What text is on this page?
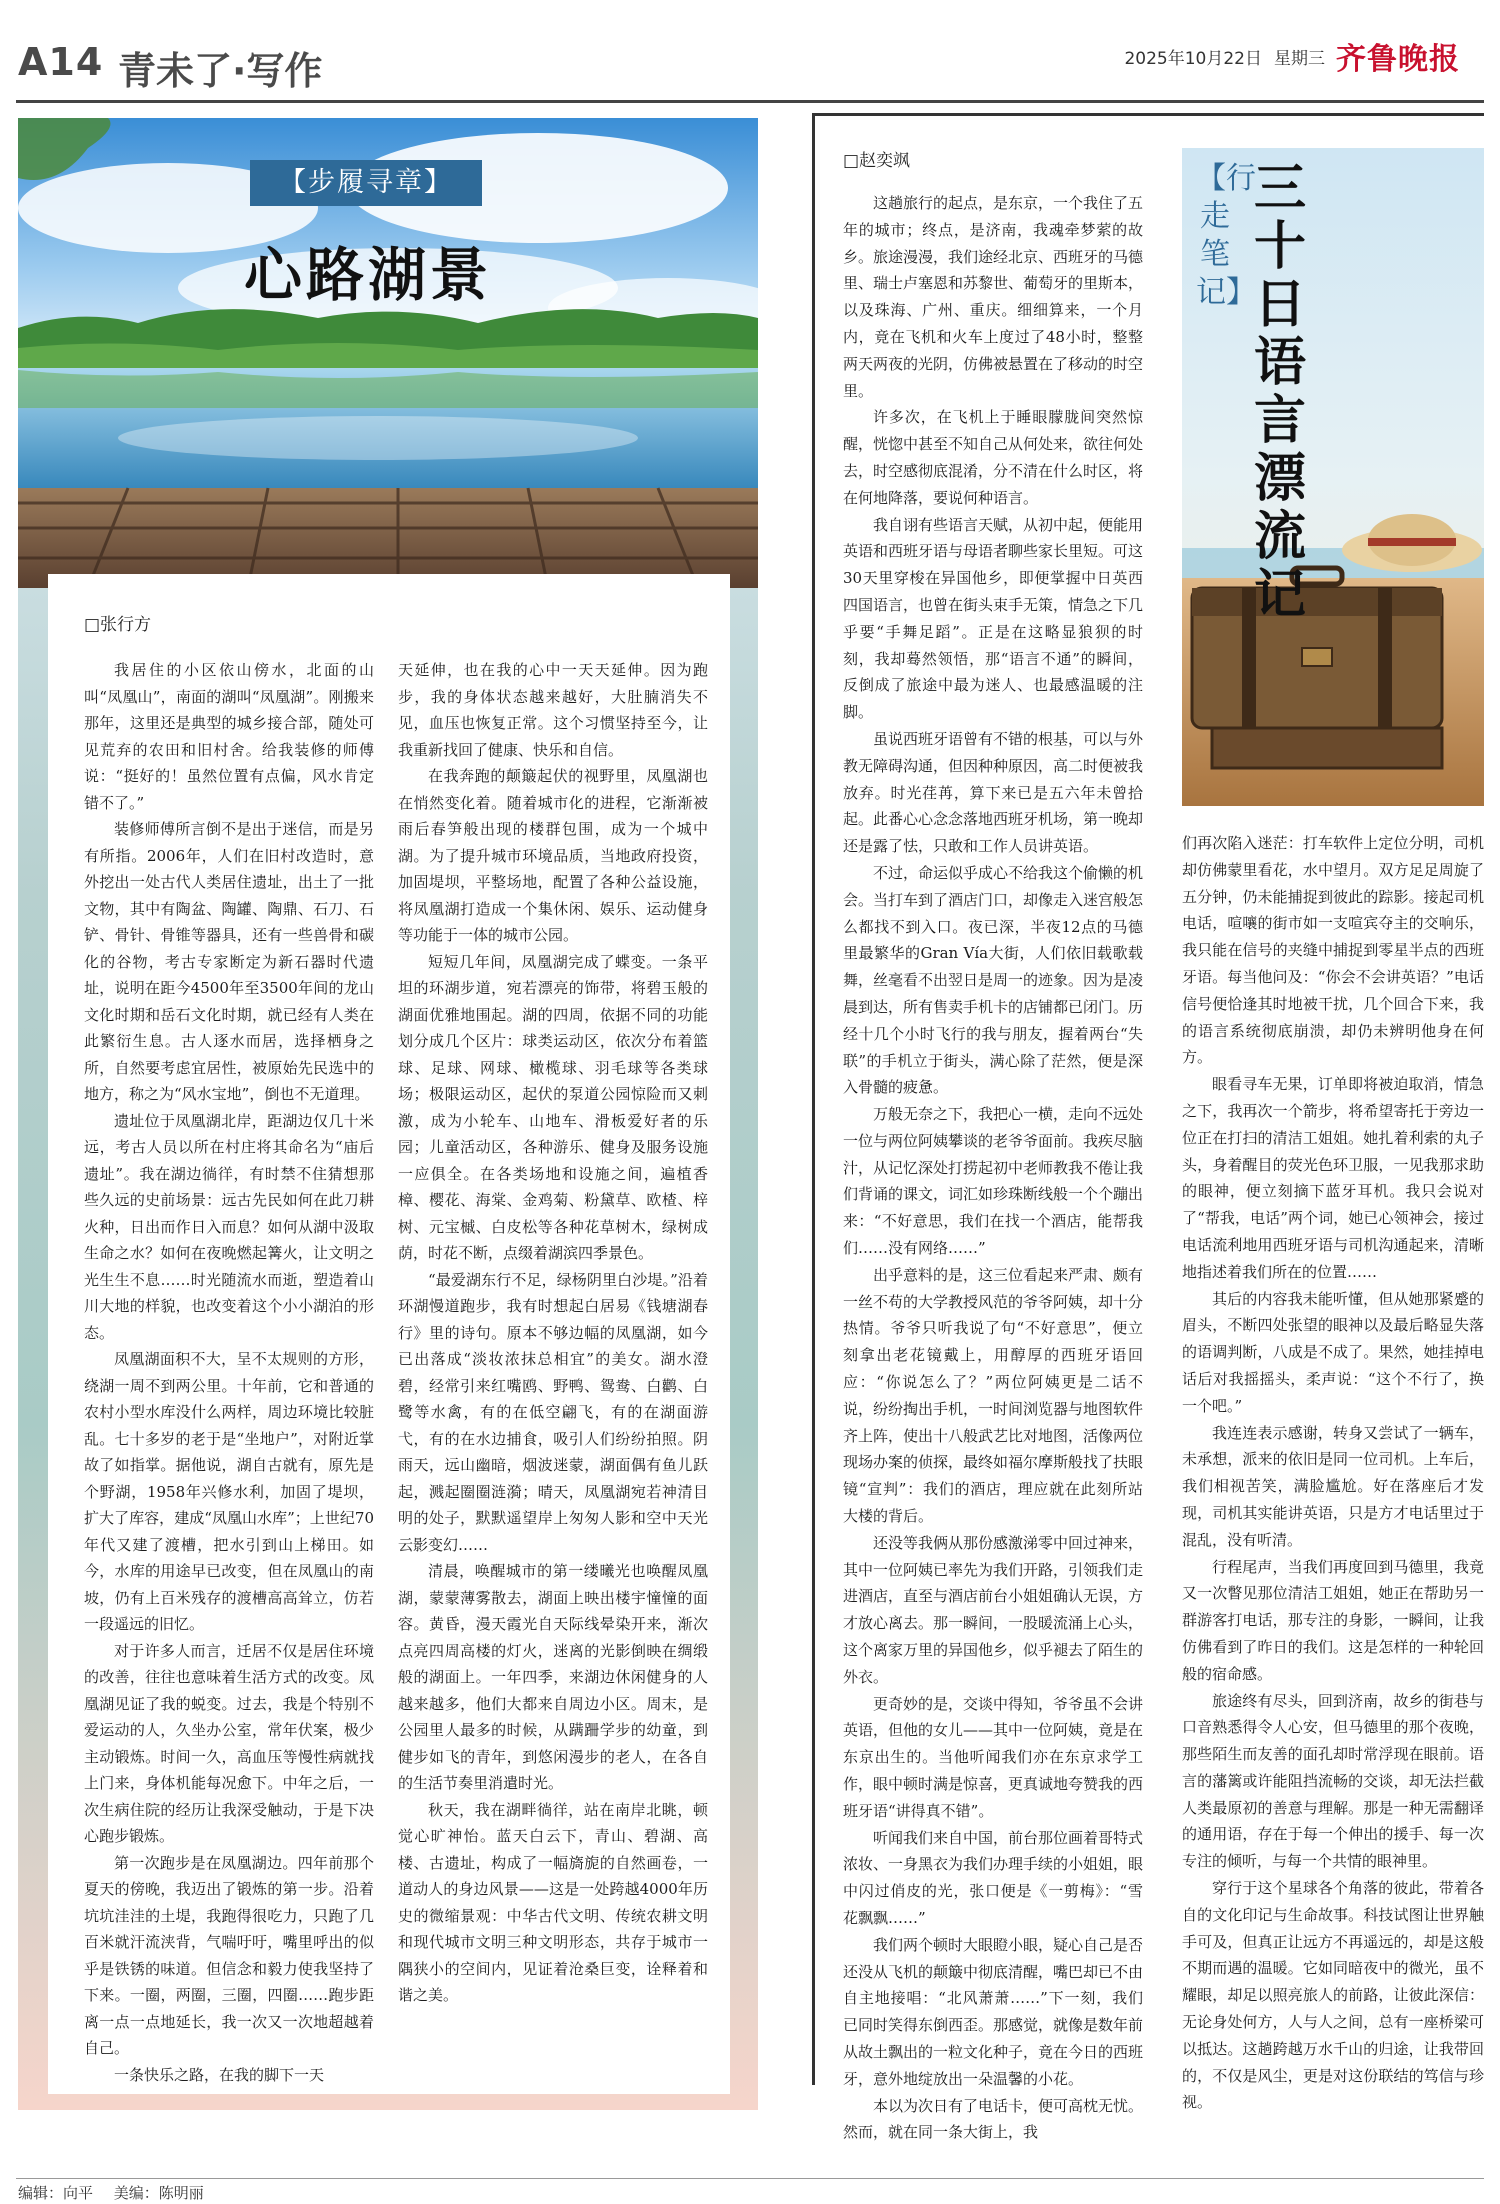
A14 青未了·写作	2025年10月22日 星期三 齐鲁晚报
【步履寻章】
心路湖景
□张行方

我居住的小区依山傍水，北面的山叫“凤凰山”，南面的湖叫“凤凰湖”。刚搬来那年，这里还是典型的城乡接合部，随处可见荒弃的农田和旧村舍。给我装修的师傅说：“挺好的！虽然位置有点偏，风水肯定错不了。”

装修师傅所言倒不是出于迷信，而是另有所指。2006年，人们在旧村改造时，意外挖出一处古代人类居住遗址，出土了一批文物，其中有陶盆、陶罐、陶鼎、石刀、石铲、骨针、骨锥等器具，还有一些兽骨和碳化的谷物，考古专家断定为新石器时代遗址，说明在距今4500年至3500年间的龙山文化时期和岳石文化时期，就已经有人类在此繁衍生息。古人逐水而居，选择栖身之所，自然要考虑宜居性，被原始先民选中的地方，称之为“风水宝地”，倒也不无道理。

遗址位于凤凰湖北岸，距湖边仅几十米远，考古人员以所在村庄将其命名为“庙后遗址”。我在湖边徜徉，有时禁不住猜想那些久远的史前场景：远古先民如何在此刀耕火种，日出而作日入而息？如何从湖中汲取生命之水？如何在夜晚燃起篝火，让文明之光生生不息……时光随流水而逝，塑造着山川大地的样貌，也改变着这个小小湖泊的形态。

凤凰湖面积不大，呈不太规则的方形，绕湖一周不到两公里。十年前，它和普通的农村小型水库没什么两样，周边环境比较脏乱。七十多岁的老于是“坐地户”，对附近掌故了如指掌。据他说，湖自古就有，原先是个野湖，1958年兴修水利，加固了堤坝，扩大了库容，建成“凤凰山水库”；上世纪70年代又建了渡槽，把水引到山上梯田。如今，水库的用途早已改变，但在凤凰山的南坡，仍有上百米残存的渡槽高高耸立，仿若一段遥远的旧忆。

对于许多人而言，迁居不仅是居住环境的改善，往往也意味着生活方式的改变。凤凰湖见证了我的蜕变。过去，我是个特别不爱运动的人，久坐办公室，常年伏案，极少主动锻炼。时间一久，高血压等慢性病就找上门来，身体机能每况愈下。中年之后，一次生病住院的经历让我深受触动，于是下决心跑步锻炼。

第一次跑步是在凤凰湖边。四年前那个夏天的傍晚，我迈出了锻炼的第一步。沿着坑坑洼洼的土堤，我跑得很吃力，只跑了几百米就汗流浃背，气喘吁吁，嘴里呼出的似乎是铁锈的味道。但信念和毅力使我坚持了下来。一圈，两圈，三圈，四圈……跑步距离一点一点地延长，我一次又一次地超越着自己。

一条快乐之路，在我的脚下一天

天延伸，也在我的心中一天天延伸。因为跑步，我的身体状态越来越好，大肚腩消失不见，血压也恢复正常。这个习惯坚持至今，让我重新找回了健康、快乐和自信。

在我奔跑的颠簸起伏的视野里，凤凰湖也在悄然变化着。随着城市化的进程，它渐渐被雨后春笋般出现的楼群包围，成为一个城中湖。为了提升城市环境品质，当地政府投资，加固堤坝，平整场地，配置了各种公益设施，将凤凰湖打造成一个集休闲、娱乐、运动健身等功能于一体的城市公园。

短短几年间，凤凰湖完成了蝶变。一条平坦的环湖步道，宛若漂亮的饰带，将碧玉般的湖面优雅地围起。湖的四周，依据不同的功能划分成几个区片：球类运动区，依次分布着篮球、足球、网球、橄榄球、羽毛球等各类球场；极限运动区，起伏的泵道公园惊险而又刺激，成为小轮车、山地车、滑板爱好者的乐园；儿童活动区，各种游乐、健身及服务设施一应俱全。在各类场地和设施之间，遍植香樟、樱花、海棠、金鸡菊、粉黛草、欧楂、梓树、元宝槭、白皮松等各种花草树木，绿树成荫，时花不断，点缀着湖滨四季景色。

“最爱湖东行不足，绿杨阴里白沙堤。”沿着环湖慢道跑步，我有时想起白居易《钱塘湖春行》里的诗句。原本不够边幅的凤凰湖，如今已出落成“淡妆浓抹总相宜”的美女。湖水澄碧，经常引来红嘴鸥、野鸭、鸳鸯、白鹳、白鹭等水禽，有的在低空翩飞，有的在湖面游弋，有的在水边捕食，吸引人们纷纷拍照。阴雨天，远山幽暗，烟波迷蒙，湖面偶有鱼儿跃起，溅起圈圈涟漪；晴天，凤凰湖宛若神清目明的处子，默默遥望岸上匆匆人影和空中天光云影变幻……

清晨，唤醒城市的第一缕曦光也唤醒凤凰湖，蒙蒙薄雾散去，湖面上映出楼宇憧憧的面容。黄昏，漫天霞光自天际线晕染开来，渐次点亮四周高楼的灯火，迷离的光影倒映在绸缎般的湖面上。一年四季，来湖边休闲健身的人越来越多，他们大都来自周边小区。周末，是公园里人最多的时候，从蹒跚学步的幼童，到健步如飞的青年，到悠闲漫步的老人，在各自的生活节奏里消遣时光。

秋天，我在湖畔徜徉，站在南岸北眺，顿觉心旷神怡。蓝天白云下，青山、碧湖、高楼、古遗址，构成了一幅旖旎的自然画卷，一道动人的身边风景——这是一处跨越4000年历史的微缩景观：中华古代文明、传统农耕文明和现代城市文明三种文明形态，共存于城市一隅狭小的空间内，见证着沧桑巨变，诠释着和谐之美。

□赵奕飒

这趟旅行的起点，是东京，一个我住了五年的城市；终点，是济南，我魂牵梦萦的故乡。旅途漫漫，我们途经北京、西班牙的马德里、瑞士卢塞恩和苏黎世、葡萄牙的里斯本，以及珠海、广州、重庆。细细算来，一个月内，竟在飞机和火车上度过了48小时，整整两天两夜的光阴，仿佛被悬置在了移动的时空里。

许多次，在飞机上于睡眼朦胧间突然惊醒，恍惚中甚至不知自己从何处来，欲往何处去，时空感彻底混淆，分不清在什么时区，将在何地降落，要说何种语言。

我自诩有些语言天赋，从初中起，便能用英语和西班牙语与母语者聊些家长里短。可这30天里穿梭在异国他乡，即便掌握中日英西四国语言，也曾在街头束手无策，情急之下几乎要“手舞足蹈”。正是在这略显狼狈的时刻，我却蓦然领悟，那“语言不通”的瞬间，反倒成了旅途中最为迷人、也最感温暖的注脚。

虽说西班牙语曾有不错的根基，可以与外教无障碍沟通，但因种种原因，高二时便被我放弃。时光荏苒，算下来已是五六年未曾拾起。此番心心念念落地西班牙机场，第一晚却还是露了怯，只敢和工作人员讲英语。

不过，命运似乎成心不给我这个偷懒的机会。当打车到了酒店门口，却像走入迷宫般怎么都找不到入口。夜已深，半夜12点的马德里最繁华的Gran Vía大街，人们依旧载歌载舞，丝毫看不出翌日是周一的迹象。因为是凌晨到达，所有售卖手机卡的店铺都已闭门。历经十几个小时飞行的我与朋友，握着两台“失联”的手机立于街头，满心除了茫然，便是深入骨髓的疲惫。

万般无奈之下，我把心一横，走向不远处一位与两位阿姨攀谈的老爷爷面前。我疾尽脑汁，从记忆深处打捞起初中老师教我不倦让我们背诵的课文，词汇如珍珠断线般一个个蹦出来：“不好意思，我们在找一个酒店，能帮我们……没有网络……”

出乎意料的是，这三位看起来严肃、颇有一丝不苟的大学教授风范的爷爷阿姨，却十分热情。爷爷只听我说了句“不好意思”，便立刻拿出老花镜戴上，用醇厚的西班牙语回应：“你说怎么了？”两位阿姨更是二话不说，纷纷掏出手机，一时间浏览器与地图软件齐上阵，使出十八般武艺比对地图，活像两位现场办案的侦探，最终如福尔摩斯般找了扶眼镜“宣判”：我们的酒店，理应就在此刻所站大楼的背后。

还没等我俩从那份感激涕零中回过神来，其中一位阿姨已率先为我们开路，引领我们走进酒店，直至与酒店前台小姐姐确认无误，方才放心离去。那一瞬间，一股暖流涌上心头，这个离家万里的异国他乡，似乎褪去了陌生的外衣。

更奇妙的是，交谈中得知，爷爷虽不会讲英语，但他的女儿——其中一位阿姨，竟是在东京出生的。当他听闻我们亦在东京求学工作，眼中顿时满是惊喜，更真诚地夸赞我的西班牙语“讲得真不错”。

听闻我们来自中国，前台那位画着哥特式浓妆、一身黑衣为我们办理手续的小姐姐，眼中闪过俏皮的光，张口便是《一剪梅》：“雪花飘飘……”

我们两个顿时大眼瞪小眼，疑心自己是否还没从飞机的颠簸中彻底清醒，嘴巴却已不由自主地接唱：“北风萧萧……”下一刻，我们已同时笑得东倒西歪。那感觉，就像是数年前从故土飘出的一粒文化种子，竟在今日的西班牙，意外地绽放出一朵温馨的小花。

本以为次日有了电话卡，便可高枕无忧。然而，就在同一条大街上，我

【行走笔记】
三十日语言漂流记

们再次陷入迷茫：打车软件上定位分明，司机却仿佛蒙里看花，水中望月。双方足足周旋了五分钟，仍未能捕捉到彼此的踪影。接起司机电话，喧嚷的街市如一支喧宾夺主的交响乐，我只能在信号的夹缝中捕捉到零星半点的西班牙语。每当他问及：“你会不会讲英语？”电话信号便恰逢其时地被干扰，几个回合下来，我的语言系统彻底崩溃，却仍未辨明他身在何方。

眼看寻车无果，订单即将被迫取消，情急之下，我再次一个箭步，将希望寄托于旁边一位正在打扫的清洁工姐姐。她扎着利索的丸子头，身着醒目的荧光色环卫服，一见我那求助的眼神，便立刻摘下蓝牙耳机。我只会说对了“帮我，电话”两个词，她已心领神会，接过电话流利地用西班牙语与司机沟通起来，清晰地指述着我们所在的位置……

其后的内容我未能听懂，但从她那紧蹙的眉头，不断四处张望的眼神以及最后略显失落的语调判断，八成是不成了。果然，她挂掉电话后对我摇摇头，柔声说：“这个不行了，换一个吧。”

我连连表示感谢，转身又尝试了一辆车，未承想，派来的依旧是同一位司机。上车后，我们相视苦笑，满脸尴尬。好在落座后才发现，司机其实能讲英语，只是方才电话里过于混乱，没有听清。

行程尾声，当我们再度回到马德里，我竟又一次瞥见那位清洁工姐姐，她正在帮助另一群游客打电话，那专注的身影，一瞬间，让我仿佛看到了昨日的我们。这是怎样的一种轮回般的宿命感。

旅途终有尽头，回到济南，故乡的街巷与口音熟悉得令人心安，但马德里的那个夜晚，那些陌生而友善的面孔却时常浮现在眼前。语言的藩篱或许能阻挡流畅的交谈，却无法拦截人类最原初的善意与理解。那是一种无需翻译的通用语，存在于每一个伸出的援手、每一次专注的倾听，与每一个共情的眼神里。

穿行于这个星球各个角落的彼此，带着各自的文化印记与生命故事。科技试图让世界触手可及，但真正让远方不再遥远的，却是这般不期而遇的温暖。它如同暗夜中的微光，虽不耀眼，却足以照亮旅人的前路，让彼此深信：无论身处何方，人与人之间，总有一座桥梁可以抵达。这趟跨越万水千山的归途，让我带回的，不仅是风尘，更是对这份联结的笃信与珍视。

编辑：向平 美编：陈明丽
